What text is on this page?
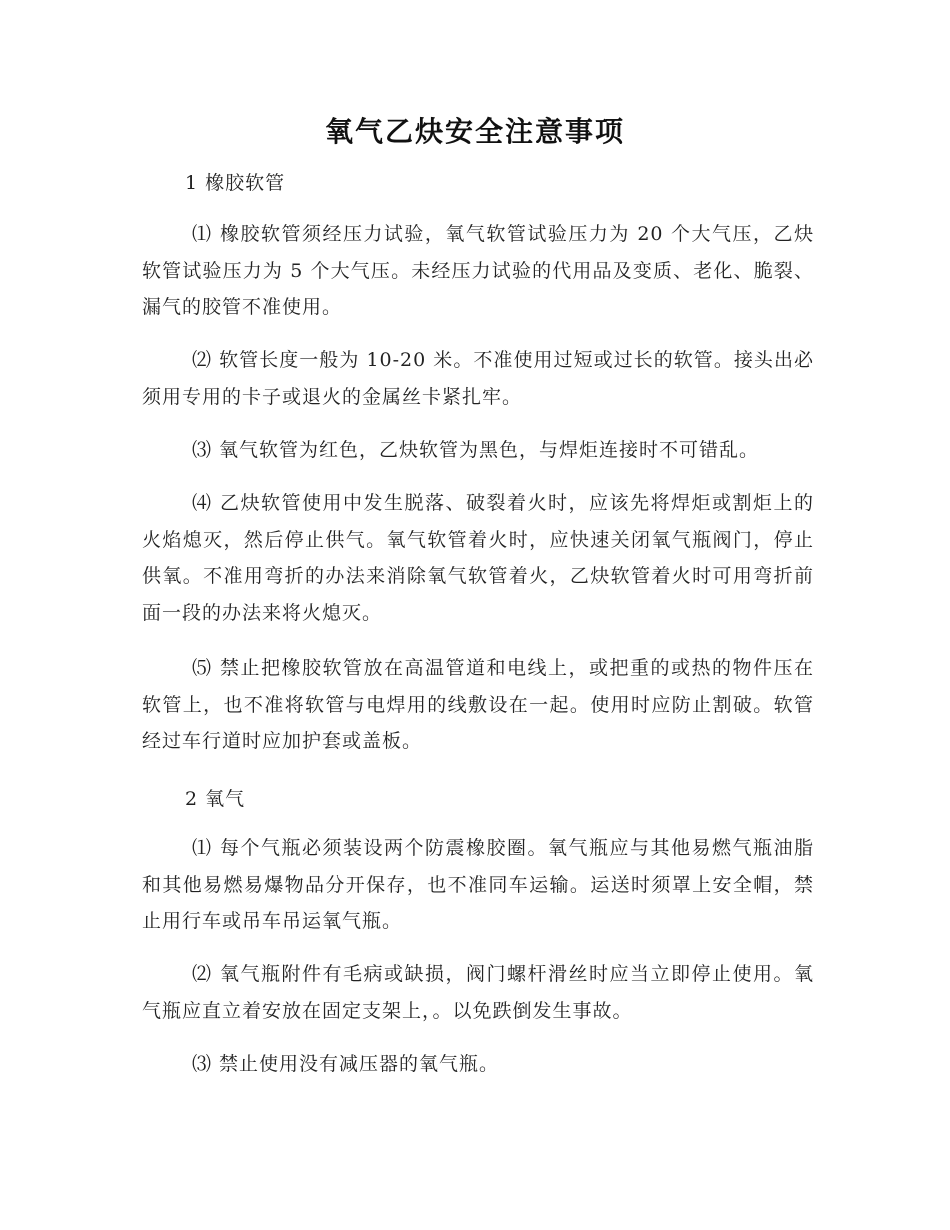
氧气乙炔安全注意事项
1 橡胶软管

⑴ 橡胶软管须经压力试验，氧气软管试验压力为 20 个大气压，乙炔软管试验压力为 5 个大气压。未经压力试验的代用品及变质、老化、脆裂、漏气的胶管不准使用。

⑵ 软管长度一般为 10-20 米。不准使用过短或过长的软管。接头出必须用专用的卡子或退火的金属丝卡紧扎牢。

⑶ 氧气软管为红色，乙炔软管为黑色，与焊炬连接时不可错乱。

⑷ 乙炔软管使用中发生脱落、破裂着火时，应该先将焊炬或割炬上的火焰熄灭，然后停止供气。氧气软管着火时，应快速关闭氧气瓶阀门，停止供氧。不准用弯折的办法来消除氧气软管着火，乙炔软管着火时可用弯折前面一段的办法来将火熄灭。

⑸ 禁止把橡胶软管放在高温管道和电线上，或把重的或热的物件压在软管上，也不准将软管与电焊用的线敷设在一起。使用时应防止割破。软管经过车行道时应加护套或盖板。

2 氧气

⑴ 每个气瓶必须装设两个防震橡胶圈。氧气瓶应与其他易燃气瓶油脂和其他易燃易爆物品分开保存，也不准同车运输。运送时须罩上安全帽，禁止用行车或吊车吊运氧气瓶。

⑵ 氧气瓶附件有毛病或缺损，阀门螺杆滑丝时应当立即停止使用。氧气瓶应直立着安放在固定支架上，。以免跌倒发生事故。

⑶ 禁止使用没有减压器的氧气瓶。
